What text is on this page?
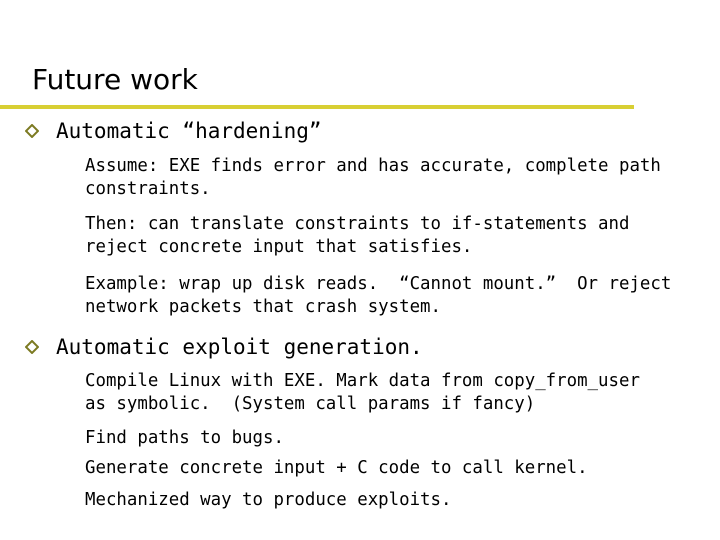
Future work
Automatic “hardening”
Assume: EXE finds error and has accurate, complete path
constraints.
Then: can translate constraints to if-statements and
reject concrete input that satisfies.
Example: wrap up disk reads.  “Cannot mount.”  Or reject
network packets that crash system.
Automatic exploit generation.
Compile Linux with EXE. Mark data from copy_from_user
as symbolic.  (System call params if fancy)
Find paths to bugs.
Generate concrete input + C code to call kernel.
Mechanized way to produce exploits.
